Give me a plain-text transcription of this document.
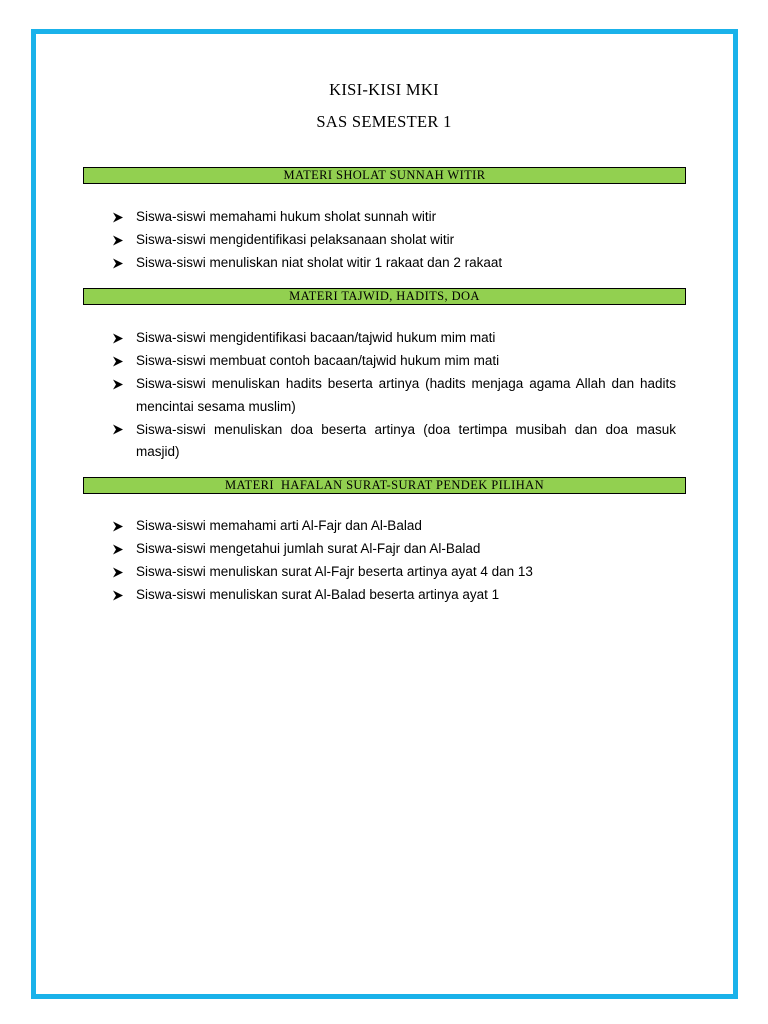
KISI-KISI MKI
SAS SEMESTER 1
MATERI SHOLAT SUNNAH WITIR
Siswa-siswi memahami hukum sholat sunnah witir
Siswa-siswi mengidentifikasi pelaksanaan sholat witir
Siswa-siswi menuliskan niat sholat witir 1 rakaat dan 2 rakaat
MATERI TAJWID, HADITS, DOA
Siswa-siswi mengidentifikasi bacaan/tajwid hukum mim mati
Siswa-siswi membuat contoh bacaan/tajwid hukum mim mati
Siswa-siswi menuliskan hadits beserta artinya (hadits menjaga agama Allah dan hadits mencintai sesama muslim)
Siswa-siswi menuliskan doa beserta artinya (doa tertimpa musibah dan doa masuk masjid)
MATERI  HAFALAN SURAT-SURAT PENDEK PILIHAN
Siswa-siswi memahami arti Al-Fajr dan Al-Balad
Siswa-siswi mengetahui jumlah surat Al-Fajr dan Al-Balad
Siswa-siswi menuliskan surat Al-Fajr beserta artinya ayat 4 dan 13
Siswa-siswi menuliskan surat Al-Balad beserta artinya ayat 1
